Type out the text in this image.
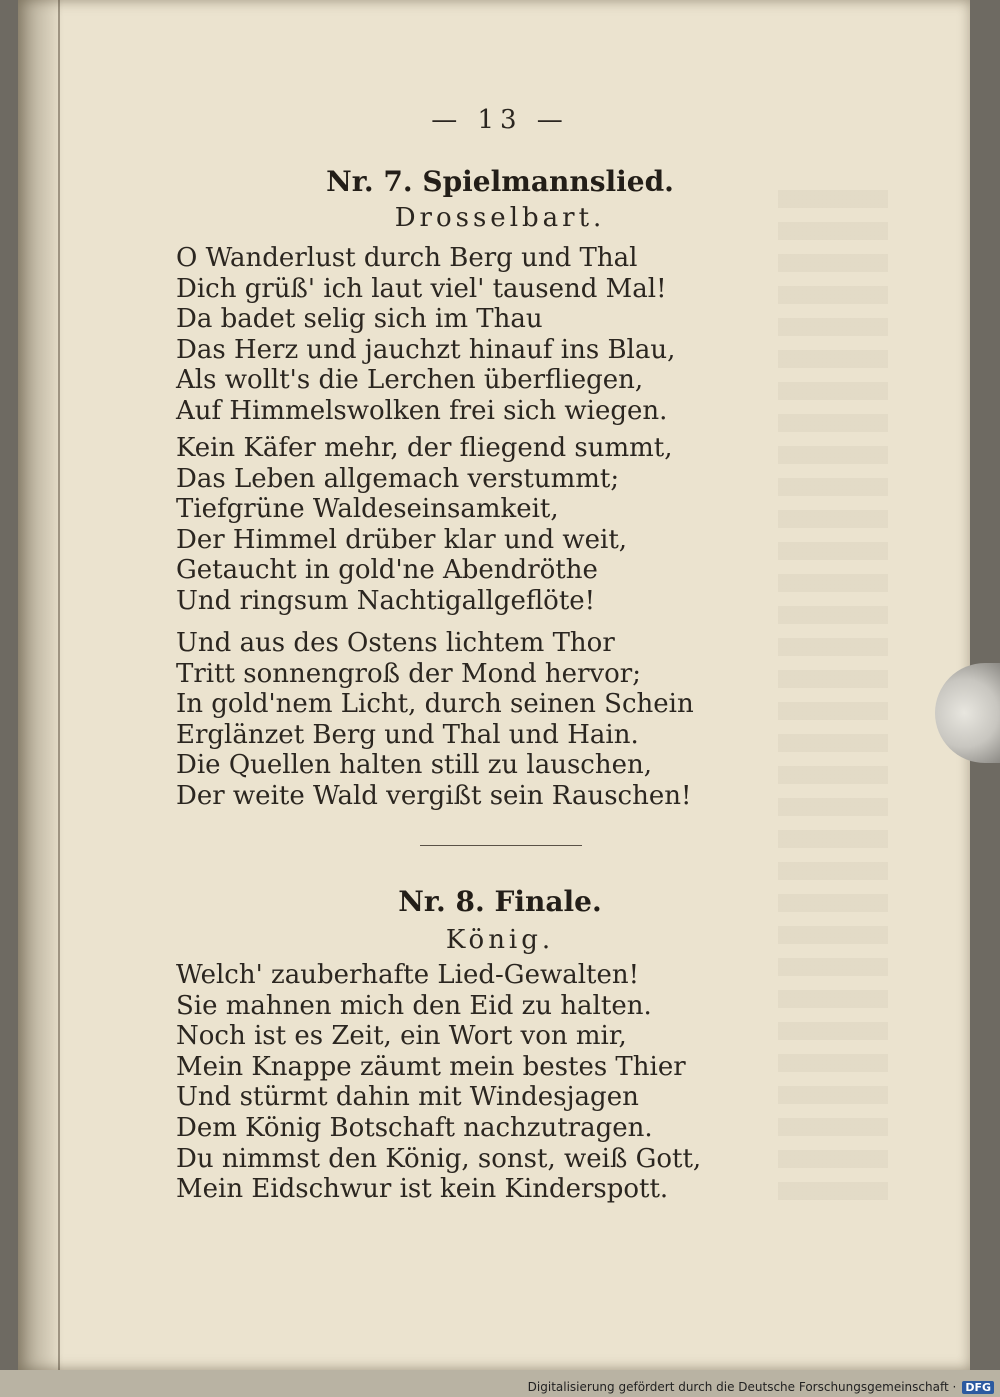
— 13 —
Nr. 7. Spielmannslied.
Drosselbart.
O Wanderlust durch Berg und Thal
Dich grüß' ich laut viel' tausend Mal!
Da badet selig sich im Thau
Das Herz und jauchzt hinauf ins Blau,
Als wollt's die Lerchen überfliegen,
Auf Himmelswolken frei sich wiegen.
Kein Käfer mehr, der fliegend summt,
Das Leben allgemach verstummt;
Tiefgrüne Waldeseinsamkeit,
Der Himmel drüber klar und weit,
Getaucht in gold'ne Abendröthe
Und ringsum Nachtigallgeflöte!
Und aus des Ostens lichtem Thor
Tritt sonnengroß der Mond hervor;
In gold'nem Licht, durch seinen Schein
Erglänzet Berg und Thal und Hain.
Die Quellen halten still zu lauschen,
Der weite Wald vergißt sein Rauschen!
Nr. 8. Finale.
König.
Welch' zauberhafte Lied-Gewalten!
Sie mahnen mich den Eid zu halten.
Noch ist es Zeit, ein Wort von mir,
Mein Knappe zäumt mein bestes Thier
Und stürmt dahin mit Windesjagen
Dem König Botschaft nachzutragen.
Du nimmst den König, sonst, weiß Gott,
Mein Eidschwur ist kein Kinderspott.
Digitalisierung gefördert durch die Deutsche Forschungsgemeinschaft · DFG
